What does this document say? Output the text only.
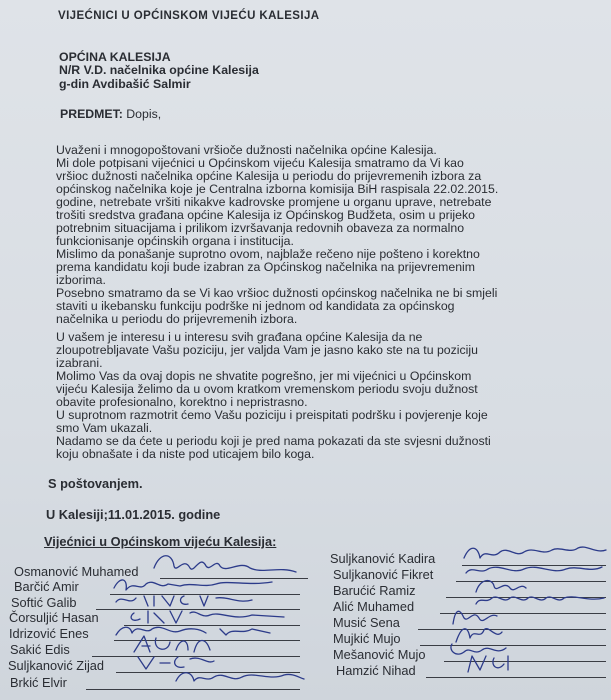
VIJEĆNICI U OPĆINSKOM VIJEĆU KALESIJA
OPĆINA KALESIJA
N/R V.D. načelnika općine Kalesija
g-din Avdibašić Salmir
PREDMET: Dopis,
Uvaženi i mnogopoštovani vršioče dužnosti načelnika općine Kalesija.
Mi dole potpisani vijećnici u Općinskom vijeću Kalesija smatramo da Vi kao
vršioc dužnosti načelnika općine Kalesija u periodu do prijevremenih izbora za
općinskog načelnika koje je Centralna izborna komisija BiH raspisala 22.02.2015.
godine, netrebate vršiti nikakve kadrovske promjene u organu uprave, netrebate
trošiti sredstva građana općine Kalesija iz Općinskog Budžeta, osim u prijeko
potrebnim situacijama i prilikom izvršavanja redovnih obaveza za normalno
funkcionisanje općinskih organa i institucija.
Mislimo da ponašanje suprotno ovom, najblaže rečeno nije pošteno i korektno
prema kandidatu koji bude izabran za Općinskog načelnika na prijevremenim
izborima.
Posebno smatramo da se Vi kao vršioc dužnosti općinskog načelnika ne bi smjeli
staviti u ikebansku funkciju podrške ni jednom od kandidata za općinskog
načelnika u periodu do prijevremenih izbora.
U vašem je interesu i u interesu svih građana općine Kalesija da ne
zloupotrebljavate Vašu poziciju, jer valjda Vam je jasno kako ste na tu poziciju
izabrani.
Molimo Vas da ovaj dopis ne shvatite pogrešno, jer mi vijećnici u Općinskom
vijeću Kalesija želimo da u ovom kratkom vremenskom periodu svoju dužnost
obavite profesionalno, korektno i nepristrasno.
U suprotnom razmotrit ćemo Vašu poziciju i preispitati podršku i povjerenje koje
smo Vam ukazali.
Nadamo se da ćete u periodu koji je pred nama pokazati da ste svjesni dužnosti
koju obnašate i da niste pod uticajem bilo koga.
S poštovanjem.
U Kalesiji;11.01.2015. godine
Vijećnici u Općinskom vijeću Kalesija:
Osmanović Muhamed
Barčić Amir
Softić Galib
Čorsuljić Hasan
Idrizović Enes
Sakić Edis
Suljkanović Zijad
Brkić Elvir
Suljkanović Kadira
Suljkanović Fikret
Barućić Ramiz
Alić Muhamed
Musić Sena
Mujkić Mujo
Mešanović Mujo
Hamzić Nihad
